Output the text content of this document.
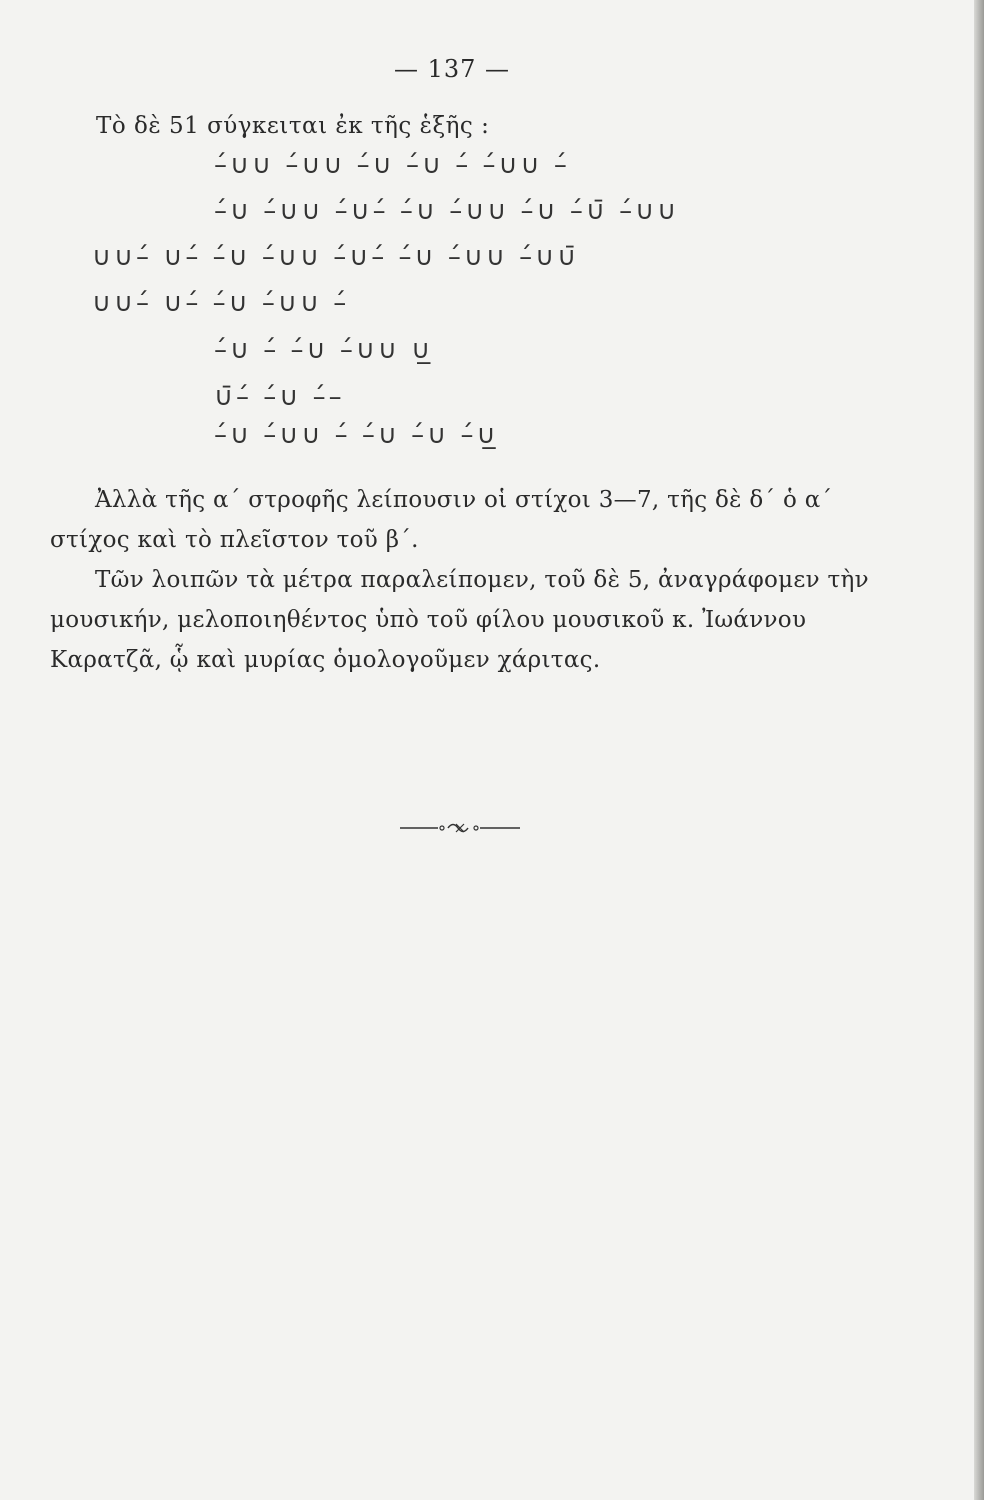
— 137 —
Τὸ δὲ 51 σύγκειται ἐκ τῆς ἑξῆς :
–́∪∪ –́∪∪ –́∪ –́∪ –́ –́∪∪ –́
–́∪ –́∪∪ –́∪–́ –́∪ –́∪∪ –́∪ –́∪̄ –́∪∪
∪∪–́ ∪–́ –́∪ –́∪∪ –́∪–́ –́∪ –́∪∪ –́∪∪̄
∪∪–́ ∪–́ –́∪ –́∪∪ –́
–́∪ –́ –́∪ –́∪∪ ∪̲
∪̄–́ –́∪ –́–
–́∪ –́∪∪ –́ –́∪ –́∪ –́∪̲
Ἀλλὰ τῆς α´ στροφῆς λείπουσιν οἱ στίχοι 3—7, τῆς δὲ δ´ ὁ α´ στίχος καὶ τὸ πλεῖστον τοῦ β´.
Τῶν λοιπῶν τὰ μέτρα παραλείπομεν, τοῦ δὲ 5, ἀναγράφομεν τὴν μουσικήν, μελοποιηθέντος ὑπὸ τοῦ φίλου μουσικοῦ κ. Ἰωάννου Καρατζᾶ, ᾧ καὶ μυρίας ὁμολογοῦμεν χάριτας.
